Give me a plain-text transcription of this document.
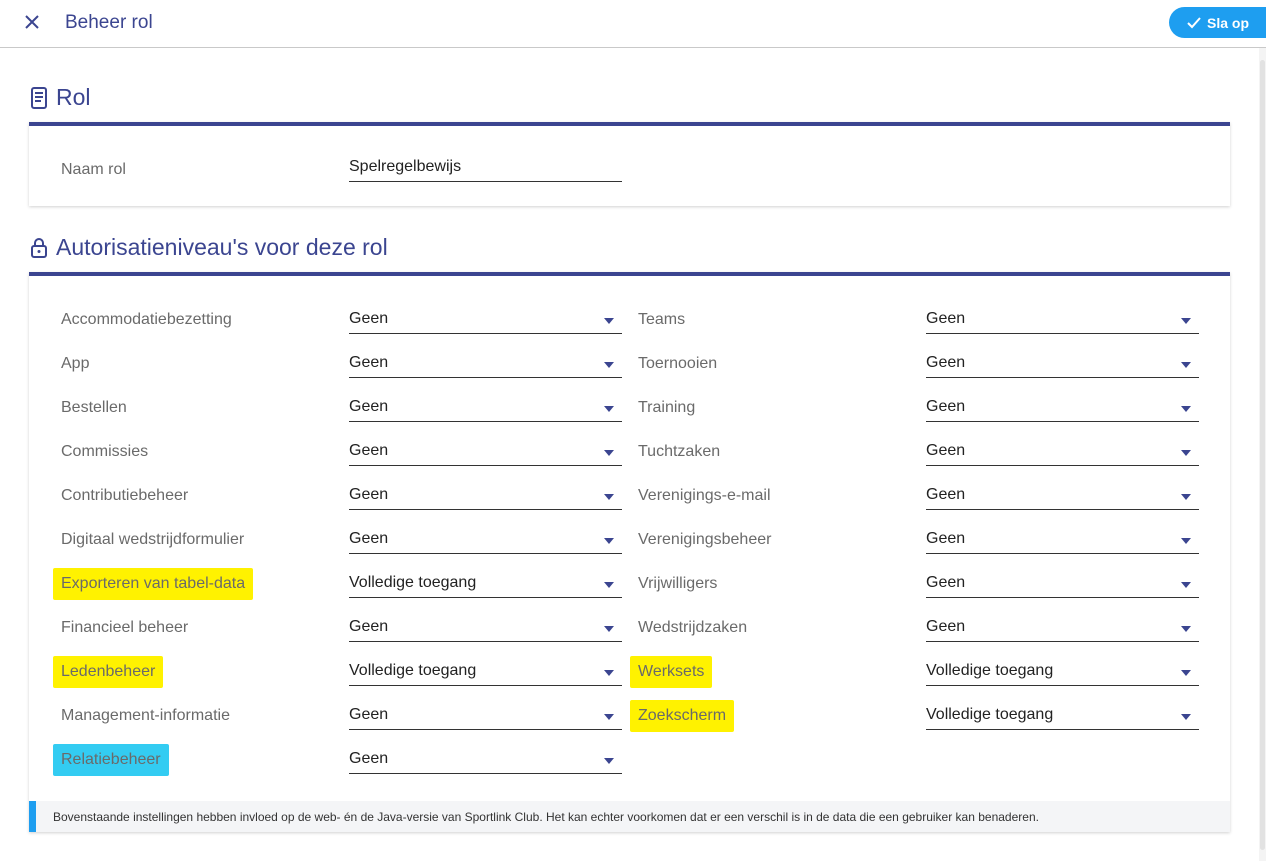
Beheer rol	Sla op
Rol
Naam rol
Spelregelbewijs
Autorisatieniveau's voor deze rol
Bovenstaande instellingen hebben invloed op de web- én de Java-versie van Sportlink Club. Het kan echter voorkomen dat er een verschil is in de data die een gebruiker kan benaderen.
Accommodatiebezetting	Geen
App	Geen
Bestellen	Geen
Commissies	Geen
Contributiebeheer	Geen
Digitaal wedstrijdformulier	Geen
Exporteren van tabel-data	Volledige toegang
Financieel beheer	Geen
Ledenbeheer	Volledige toegang
Management-informatie	Geen
Relatiebeheer	Geen
Teams	Geen
Toernooien	Geen
Training	Geen
Tuchtzaken	Geen
Verenigings-e-mail	Geen
Verenigingsbeheer	Geen
Vrijwilligers	Geen
Wedstrijdzaken	Geen
Werksets	Volledige toegang
Zoekscherm	Volledige toegang
